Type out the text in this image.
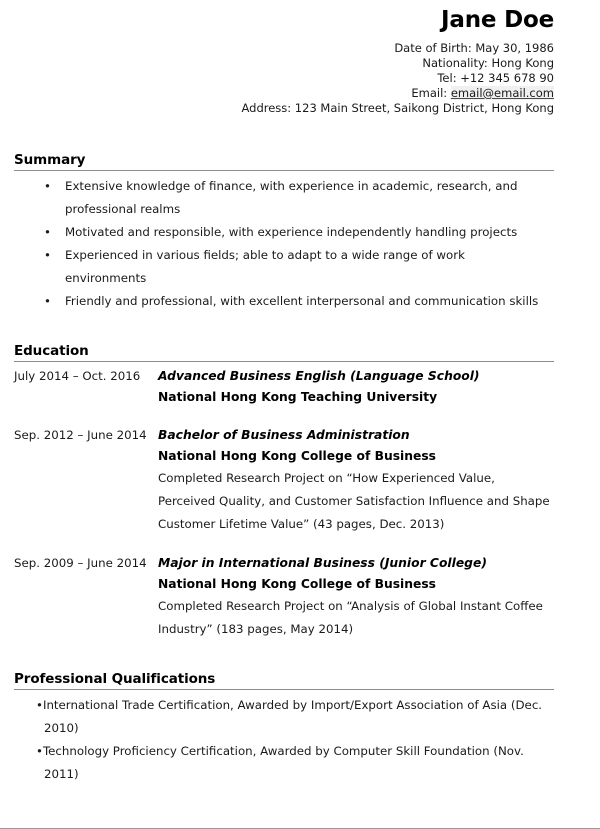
Jane Doe
Date of Birth: May 30, 1986
Nationality: Hong Kong
Tel: +12 345 678 90
Email: email@email.com
Address: 123 Main Street, Saikong District, Hong Kong
Summary
• Extensive knowledge of finance, with experience in academic, research, and professional realms
• Motivated and responsible, with experience independently handling projects
• Experienced in various fields; able to adapt to a wide range of work environments
• Friendly and professional, with excellent interpersonal and communication skills
Education
July 2014 – Oct. 2016	Advanced Business English (Language School)
National Hong Kong Teaching University
Sep. 2012 – June 2014 Bachelor of Business Administration
National Hong Kong College of Business
Completed Research Project on “How Experienced Value, Perceived Quality, and Customer Satisfaction Influence and Shape Customer Lifetime Value” (43 pages, Dec. 2013)
Sep. 2009 – June 2014 Major in International Business (Junior College)
National Hong Kong College of Business
Completed Research Project on “Analysis of Global Instant Coffee Industry” (183 pages, May 2014)
Professional Qualifications
•International Trade Certification, Awarded by Import/Export Association of Asia (Dec. 2010)
•Technology Proficiency Certification, Awarded by Computer Skill Foundation (Nov. 2011)
